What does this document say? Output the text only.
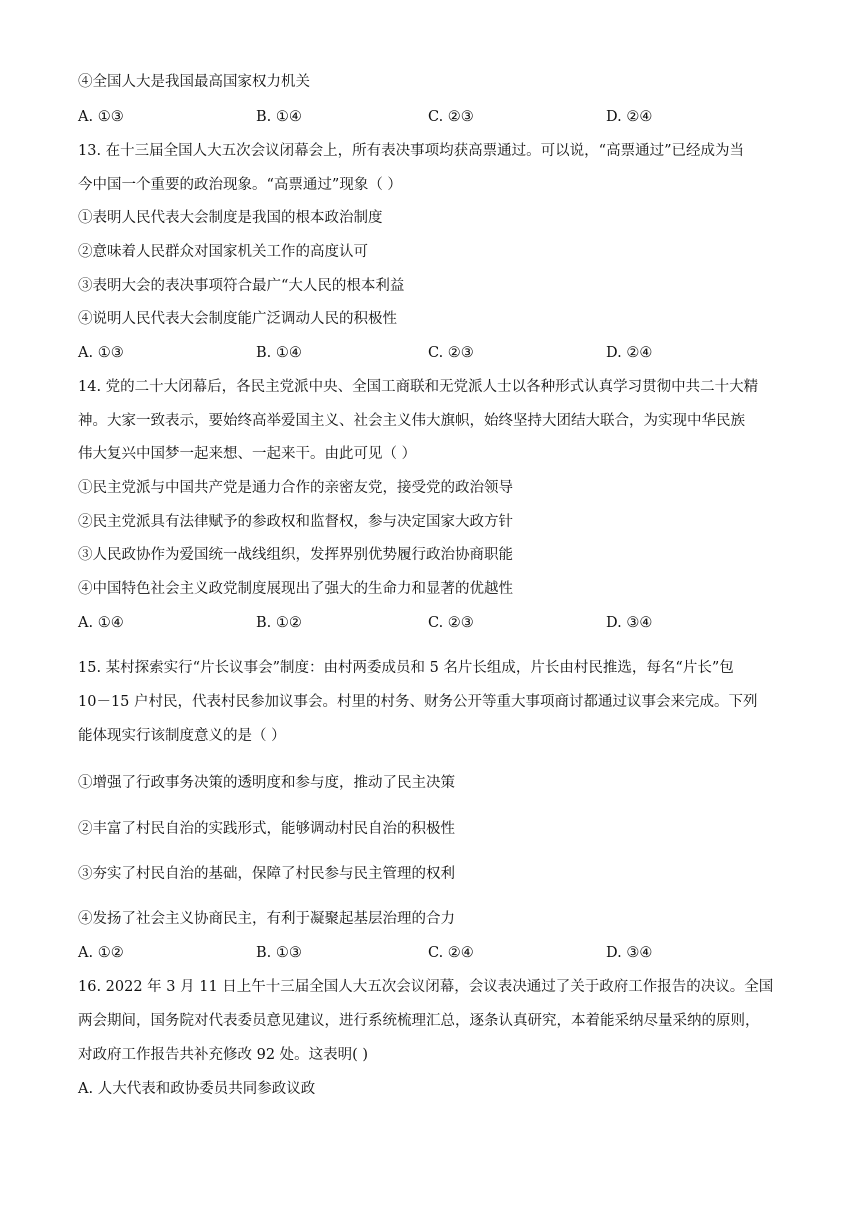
④全国人大是我国最高国家权力机关
A. ①③	B. ①④	C. ②③	D. ②④
13. 在十三届全国人大五次会议闭幕会上，所有表决事项均获高票通过。可以说，“高票通过”已经成为当
今中国一个重要的政治现象。“高票通过”现象（ ）
①表明人民代表大会制度是我国的根本政治制度
②意味着人民群众对国家机关工作的高度认可
③表明大会的表决事项符合最广“大人民的根本利益
④说明人民代表大会制度能广泛调动人民的积极性
A. ①③	B. ①④	C. ②③	D. ②④
14. 党的二十大闭幕后，各民主党派中央、全国工商联和无党派人士以各种形式认真学习贯彻中共二十大精
神。大家一致表示，要始终高举爱国主义、社会主义伟大旗帜，始终坚持大团结大联合，为实现中华民族
伟大复兴中国梦一起来想、一起来干。由此可见（ ）
①民主党派与中国共产党是通力合作的亲密友党，接受党的政治领导
②民主党派具有法律赋予的参政权和监督权，参与决定国家大政方针
③人民政协作为爱国统一战线组织，发挥界别优势履行政治协商职能
④中国特色社会主义政党制度展现出了强大的生命力和显著的优越性
A. ①④	B. ①②	C. ②③	D. ③④
15. 某村探索实行“片长议事会”制度：由村两委成员和 5 名片长组成，片长由村民推选，每名“片长”包
10－15 户村民，代表村民参加议事会。村里的村务、财务公开等重大事项商讨都通过议事会来完成。下列
能体现实行该制度意义的是（ ）
①增强了行政事务决策的透明度和参与度，推动了民主决策
②丰富了村民自治的实践形式，能够调动村民自治的积极性
③夯实了村民自治的基础，保障了村民参与民主管理的权利
④发扬了社会主义协商民主，有利于凝聚起基层治理的合力
A. ①②	B. ①③	C. ②④	D. ③④
16. 2022 年 3 月 11 日上午十三届全国人大五次会议闭幕，会议表决通过了关于政府工作报告的决议。全国
两会期间，国务院对代表委员意见建议，进行系统梳理汇总，逐条认真研究，本着能采纳尽量采纳的原则，
对政府工作报告共补充修改 92 处。这表明( )
A. 人大代表和政协委员共同参政议政
